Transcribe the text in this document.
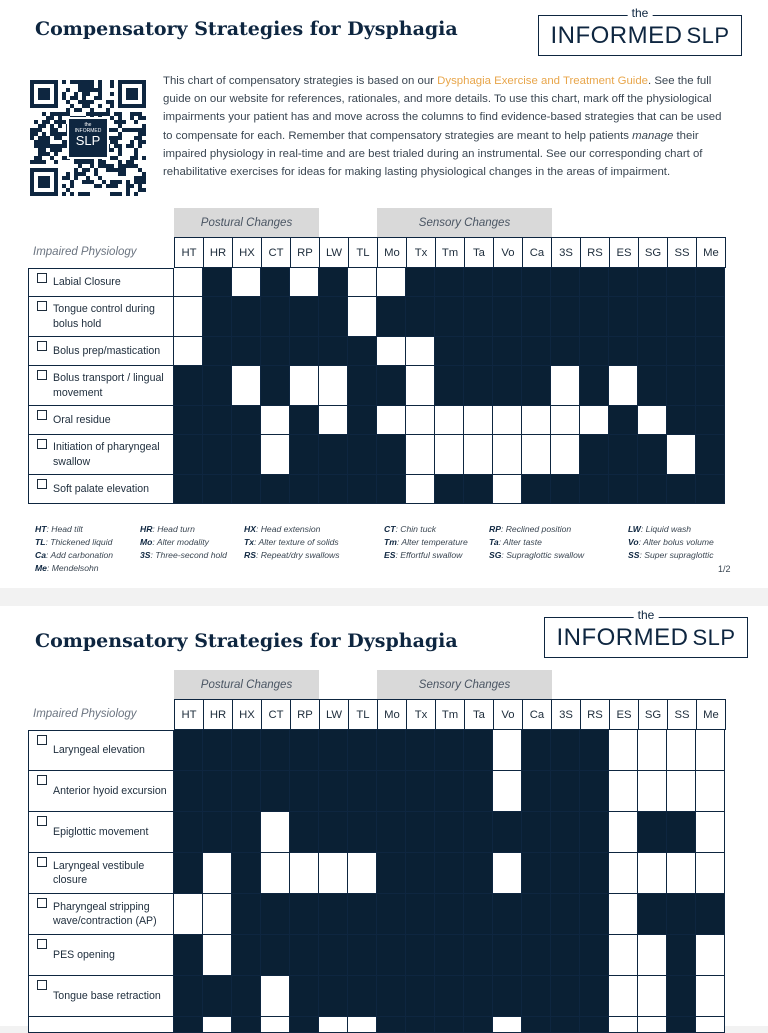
Compensatory Strategies for Dysphagia
the
INFORMED SLP
the
INFORMED
SLP
This chart of compensatory strategies is based on our Dysphagia Exercise and Treatment Guide. See the full guide on our website for references, rationales, and more details. To use this chart, mark off the physiological impairments your patient has and move across the columns to find evidence-based strategies that can be used to compensate for each. Remember that compensatory strategies are meant to help patients manage their impaired physiology in real-time and are best trialed during an instrumental. See our corresponding chart of rehabilitative exercises for ideas for making lasting physiological changes in the areas of impairment.
Postural Changes	Sensory Changes
Impaired Physiology	HT	HR	HX	CT	RP	LW	TL	Mo	Tx	Tm	Ta	Vo	Ca	3S	RS	ES	SG	SS	Me
Labial Closure
Tongue control during bolus hold
Bolus prep/mastication
Bolus transport / lingual movement
Oral residue
Initiation of pharyngeal swallow
Soft palate elevation
HT: Head tilt
TL: Thickened liquid
Ca: Add carbonation
Me: Mendelsohn
HR: Head turn
Mo: Alter modality
3S: Three-second hold
HX: Head extension
Tx: Alter texture of solids
RS: Repeat/dry swallows
CT: Chin tuck
Tm: Alter temperature
ES: Effortful swallow
RP: Reclined position
Ta: Alter taste
SG: Supraglottic swallow
LW: Liquid wash
Vo: Alter bolus volume
SS: Super supraglottic
1/2
Compensatory Strategies for Dysphagia
the
INFORMED SLP
Postural Changes	Sensory Changes
Impaired Physiology	HT	HR	HX	CT	RP	LW	TL	Mo	Tx	Tm	Ta	Vo	Ca	3S	RS	ES	SG	SS	Me
Laryngeal elevation
Anterior hyoid excursion
Epiglottic movement
Laryngeal vestibule closure
Pharyngeal stripping wave/contraction (AP)
PES opening
Tongue base retraction
